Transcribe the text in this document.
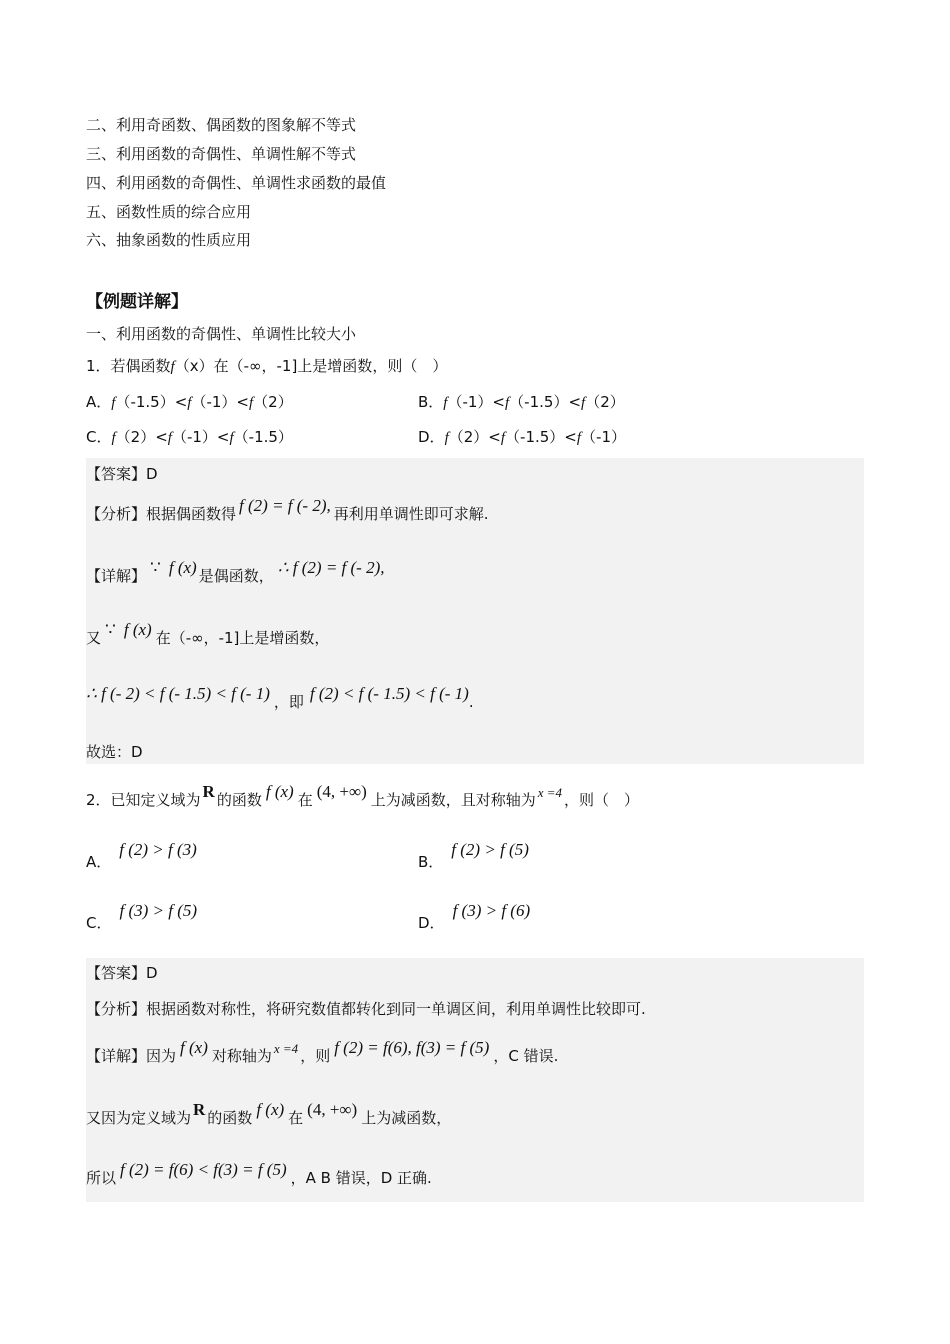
二、利用奇函数、偶函数的图象解不等式
三、利用函数的奇偶性、单调性解不等式
四、利用函数的奇偶性、单调性求函数的最值
五、函数性质的综合应用
六、抽象函数的性质应用
【例题详解】
一、利用函数的奇偶性、单调性比较大小
1．若偶函数f（x）在（-∞，-1]上是增函数，则（　）
A．f（-1.5）<f（-1）<f（2）	B．f（-1）<f（-1.5）<f（2）
C．f（2）<f（-1）<f（-1.5）	D．f（2）<f（-1.5）<f（-1）
【答案】D
【分析】根据偶函数得 f (2) = f (- 2), 再利用单调性即可求解.
【详解】 ∵ f (x) 是偶函数， ∴ f (2) = f (- 2),
又 ∵ f (x) 在（-∞，-1]上是增函数，
∴ f (- 2) < f (- 1.5) < f (- 1) ，即 f (2) < f (- 1.5) < f (- 1).
故选：D
2．已知定义域为 R 的函数 f (x) 在 (4, +∞) 上为减函数，且对称轴为 x =4 ，则（　）
A．f (2) > f (3)
B．f (2) > f (5)
C．f (3) > f (5)
D．f (3) > f (6)
【答案】D
【分析】根据函数对称性，将研究数值都转化到同一单调区间，利用单调性比较即可.
【详解】因为 f (x) 对称轴为 x =4 ，则 f (2) = f(6), f(3) = f (5) ，C 错误.
又因为定义域为 R 的函数 f (x) 在 (4, +∞) 上为减函数，
所以 f (2) = f(6) < f(3) = f (5) ，A B 错误，D 正确.
